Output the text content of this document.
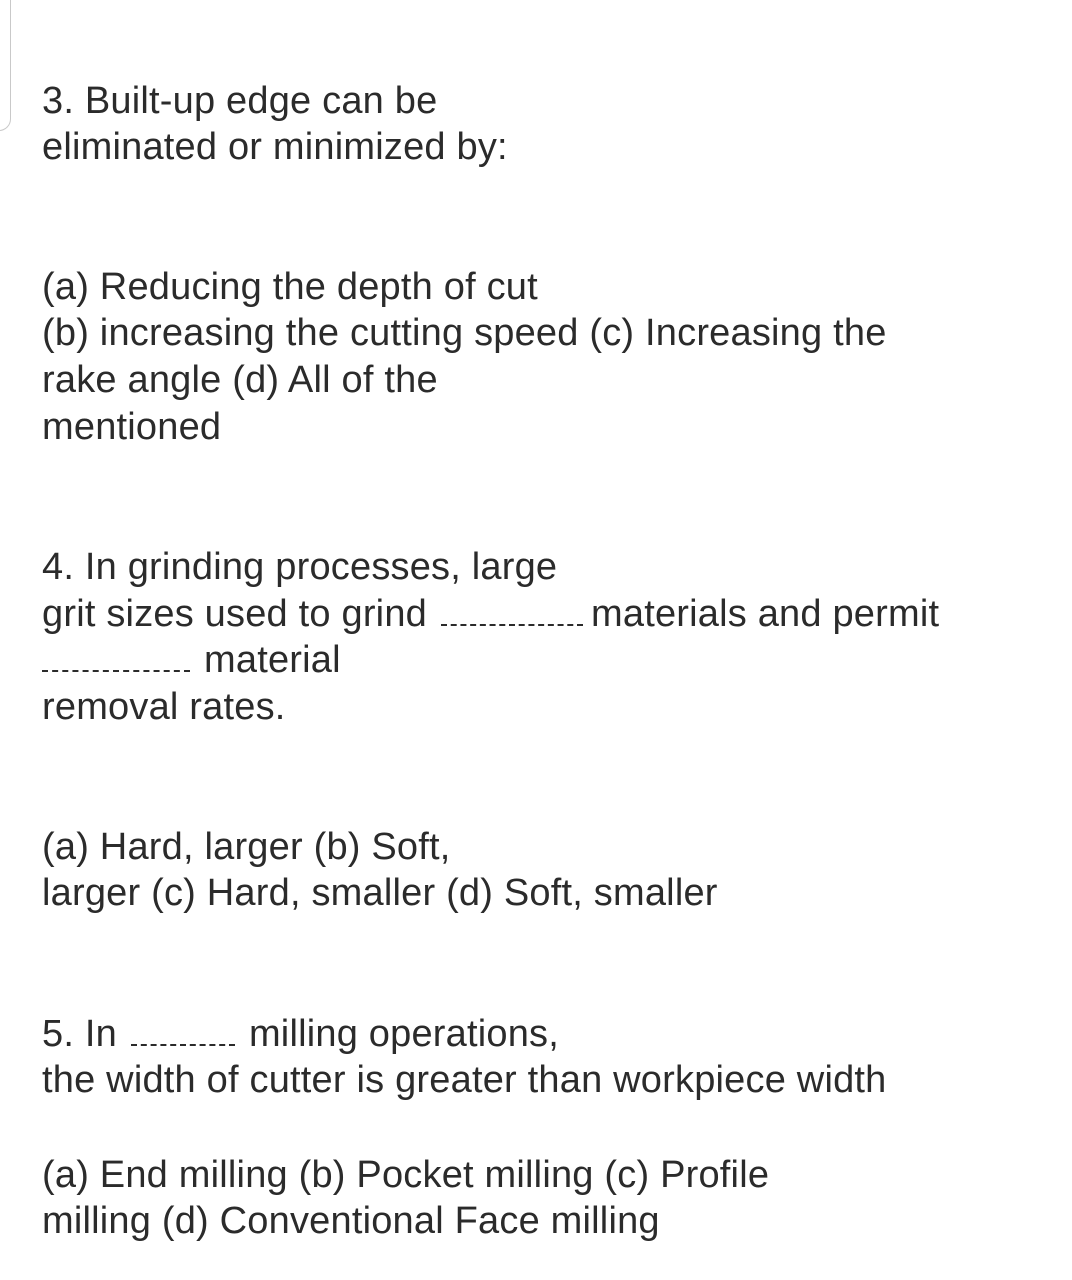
3. Built-up edge can be
eliminated or minimized by:
(a) Reducing the depth of cut
(b) increasing the cutting speed (c) Increasing the
rake angle (d) All of the
mentioned
4. In grinding processes, large
grit sizes used to grind	materials and permit
material
removal rates.
(a) Hard, larger (b) Soft,
larger (c) Hard, smaller (d) Soft, smaller
5. In	milling operations,
the width of cutter is greater than workpiece width
(a) End milling (b) Pocket milling (c) Profile
milling (d) Conventional Face milling
